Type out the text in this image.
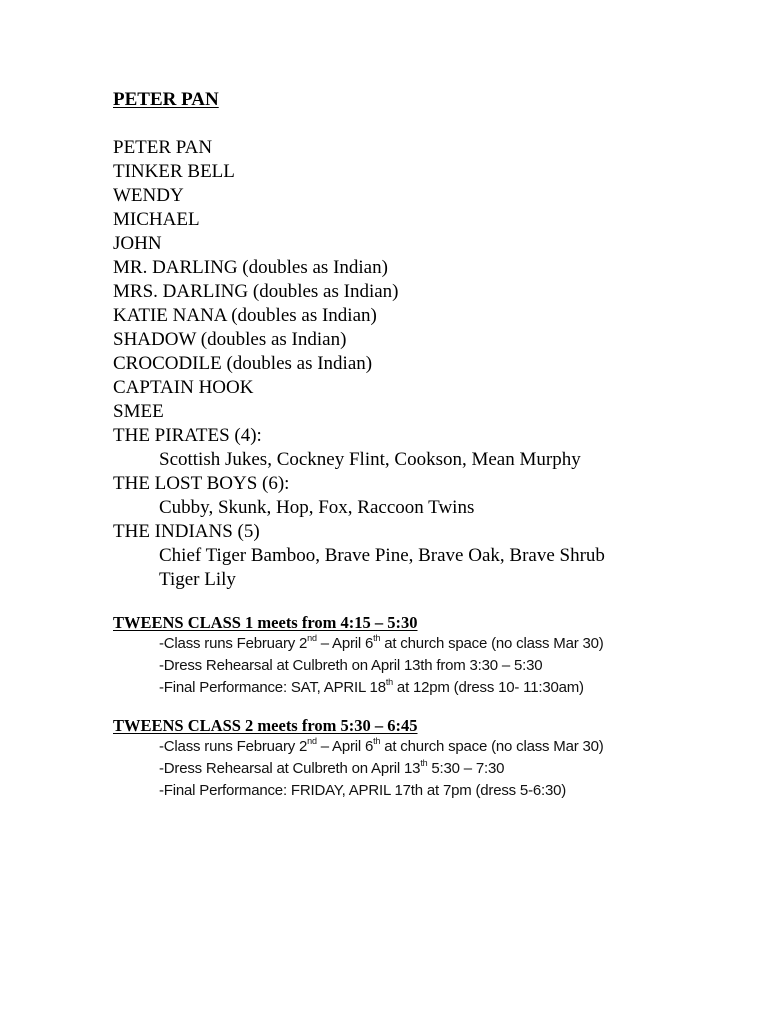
PETER PAN
PETER PAN
TINKER BELL
WENDY
MICHAEL
JOHN
MR. DARLING (doubles as Indian)
MRS. DARLING (doubles as Indian)
KATIE NANA (doubles as Indian)
SHADOW (doubles as Indian)
CROCODILE (doubles as Indian)
CAPTAIN HOOK
SMEE
THE PIRATES (4):
Scottish Jukes, Cockney Flint, Cookson, Mean Murphy
THE LOST BOYS (6):
Cubby, Skunk, Hop, Fox, Raccoon Twins
THE INDIANS (5)
Chief Tiger Bamboo, Brave Pine, Brave Oak, Brave Shrub
Tiger Lily
TWEENS CLASS 1 meets from 4:15 – 5:30
-Class runs February 2nd – April 6th at church space (no class Mar 30)
-Dress Rehearsal at Culbreth on April 13th from 3:30 – 5:30
-Final Performance: SAT, APRIL 18th at 12pm (dress 10- 11:30am)
TWEENS CLASS 2 meets from 5:30 – 6:45
-Class runs February 2nd – April 6th at church space (no class Mar 30)
-Dress Rehearsal at Culbreth on April 13th 5:30 – 7:30
-Final Performance: FRIDAY, APRIL 17th at 7pm (dress 5-6:30)
